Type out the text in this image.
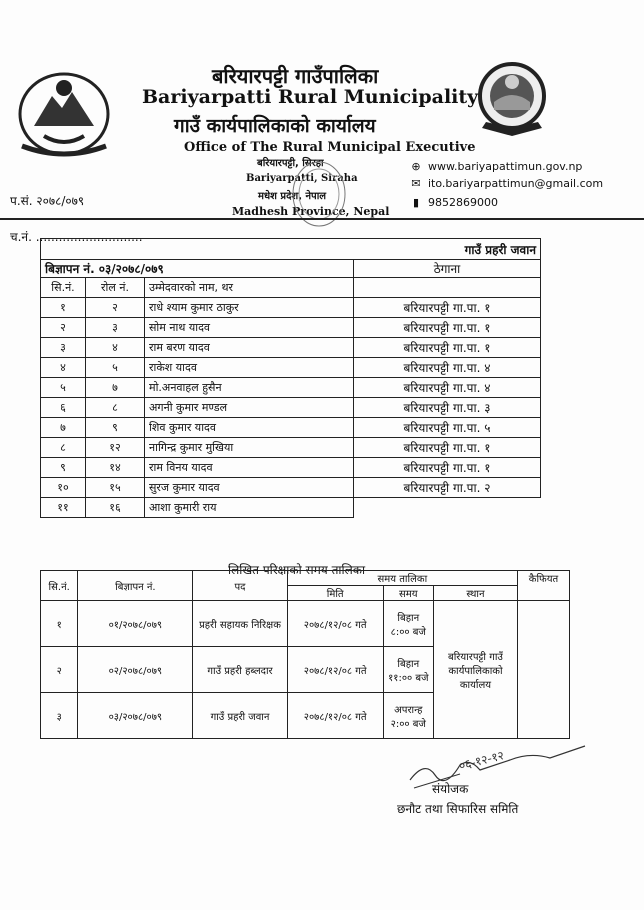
बरियारपट्टी गाउँपालिका
Bariyarpatti Rural Municipality
गाउँ कार्यपालिकाको कार्यालय
Office of The Rural Municipal Executive
बरियारपट्टी, सिरहा
Bariyarpatti, Siraha
मधेश प्रदेश, नेपाल
Madhesh Province, Nepal
⊕ www.bariyapattimun.gov.np
✉ ito.bariyarpattimun@gmail.com
▮ 9852869000
प.सं. २०७८/०७९
च.नं. ............................
गाउँ प्रहरी जवान			
बिज्ञापन नं. ०३/२०७८/०७९			ठेगाना
सि.नं.	रोल नं.	उम्मेदवारको नाम, थर	
१	२	राधे श्याम कुमार ठाकुर	बरियारपट्टी गा.पा. १
२	३	सोम नाथ यादव	बरियारपट्टी गा.पा. १
३	४	राम बरण यादव	बरियारपट्टी गा.पा. १
४	५	राकेश यादव	बरियारपट्टी गा.पा. ४
५	७	मो.अनवाहल हुसैन	बरियारपट्टी गा.पा. ४
६	८	अगनी कुमार मण्डल	बरियारपट्टी गा.पा. ३
७	९	शिव कुमार यादव	बरियारपट्टी गा.पा. ५
८	१२	नागिन्द्र कुमार मुखिया	बरियारपट्टी गा.पा. १
९	१४	राम विनय यादव	बरियारपट्टी गा.पा. १
१०	१५	सुरज कुमार यादव	बरियारपट्टी गा.पा. २
११	१६	आशा कुमारी राय	
लिखित परिक्षाको समय तालिका
सि.नं.	बिज्ञापन नं.	पद	समय तालिका			कैफियत
			मिति	समय	स्थान	
१	०१/२०७८/०७९	प्रहरी सहायक निरिक्षक	२०७८/१२/०८ गते	बिहान
८:०० बजे	बरियारपट्टी गाउँ कार्यपालिकाको कार्यालय	
२	०२/२०७८/०७९	गाउँ प्रहरी हब्लदार	२०७८/१२/०८ गते	बिहान
११:०० बजे		

३	०३/२०७८/०७९	गाउँ प्रहरी जवान	२०७८/१२/०८ गते	अपरान्ह
२:०० बजे		
०६-१२-१२
संयोजक
छनौट तथा सिफारिस समिति
